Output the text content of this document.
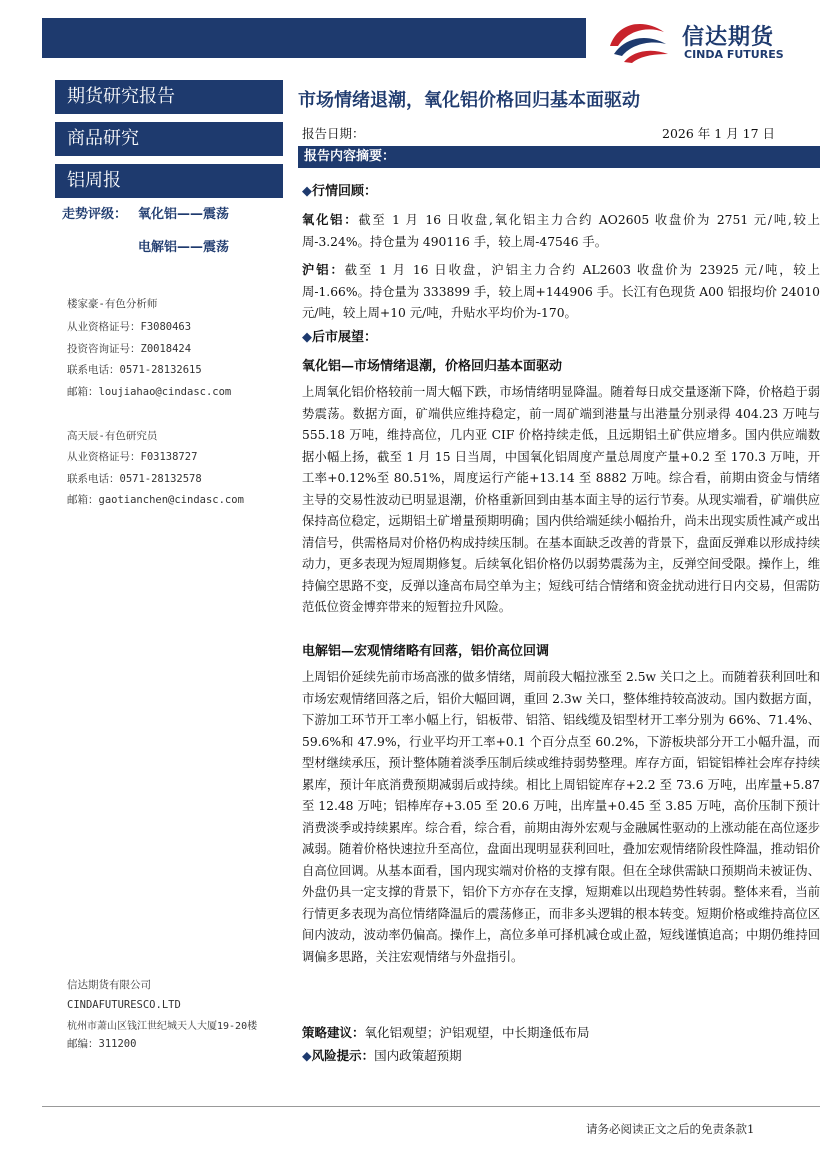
信达期货
CINDA FUTURES
期货研究报告
商品研究
铝周报
走势评级： 氧化铝——震荡
电解铝——震荡
楼家豪-有色分析师
从业资格证号：F3080463
投资咨询证号：Z0018424
联系电话：0571-28132615
邮箱：loujiahao@cindasc.com
高天辰-有色研究员
从业资格证号：F03138727
联系电话：0571-28132578
邮箱：gaotianchen@cindasc.com
信达期货有限公司
CINDAFUTURESCO.LTD
杭州市萧山区钱江世纪城天人大厦19-20楼
邮编：311200
市场情绪退潮，氧化铝价格回归基本面驱动
报告日期：	2026 年 1 月 17 日
报告内容摘要：
◆行情回顾：
氧化铝：截至 1 月 16 日收盘,氧化铝主力合约 AO2605 收盘价为 2751 元/吨,较上周-3.24%。持仓量为 490116 手，较上周-47546 手。
沪铝：截至 1 月 16 日收盘，沪铝主力合约 AL2603 收盘价为 23925 元/吨，较上周-1.66%。持仓量为 333899 手，较上周+144906 手。长江有色现货 A00 铝报均价 24010 元/吨，较上周+10 元/吨，升贴水平均价为-170。
◆后市展望：
氧化铝—市场情绪退潮，价格回归基本面驱动
上周氧化铝价格较前一周大幅下跌，市场情绪明显降温。随着每日成交量逐渐下降，价格趋于弱势震荡。数据方面，矿端供应维持稳定，前一周矿端到港量与出港量分别录得 404.23 万吨与 555.18 万吨，维持高位，几内亚 CIF 价格持续走低，且远期铝土矿供应增多。国内供应端数据小幅上扬，截至 1 月 15 日当周，中国氧化铝周度产量总周度产量+0.2 至 170.3 万吨，开工率+0.12%至 80.51%，周度运行产能+13.14 至 8882 万吨。综合看，前期由资金与情绪主导的交易性波动已明显退潮，价格重新回到由基本面主导的运行节奏。从现实端看，矿端供应保持高位稳定，远期铝土矿增量预期明确；国内供给端延续小幅抬升，尚未出现实质性减产或出清信号，供需格局对价格仍构成持续压制。在基本面缺乏改善的背景下，盘面反弹难以形成持续动力，更多表现为短周期修复。后续氧化铝价格仍以弱势震荡为主，反弹空间受限。操作上，维持偏空思路不变，反弹以逢高布局空单为主；短线可结合情绪和资金扰动进行日内交易，但需防范低位资金博弈带来的短暂拉升风险。
电解铝—宏观情绪略有回落，铝价高位回调
上周铝价延续先前市场高涨的做多情绪，周前段大幅拉涨至 2.5w 关口之上。而随着获利回吐和市场宏观情绪回落之后，铝价大幅回调，重回 2.3w 关口，整体维持较高波动。国内数据方面，下游加工环节开工率小幅上行，铝板带、铝箔、铝线缆及铝型材开工率分别为 66%、71.4%、59.6%和 47.9%，行业平均开工率+0.1 个百分点至 60.2%，下游板块部分开工小幅升温，而型材继续承压，预计整体随着淡季压制后续或维持弱势整理。库存方面，铝锭铝棒社会库存持续累库，预计年底消费预期减弱后或持续。相比上周铝锭库存+2.2 至 73.6 万吨，出库量+5.87 至 12.48 万吨；铝棒库存+3.05 至 20.6 万吨，出库量+0.45 至 3.85 万吨，高价压制下预计消费淡季或持续累库。综合看，综合看，前期由海外宏观与金融属性驱动的上涨动能在高位逐步减弱。随着价格快速拉升至高位，盘面出现明显获利回吐，叠加宏观情绪阶段性降温，推动铝价自高位回调。从基本面看，国内现实端对价格的支撑有限。但在全球供需缺口预期尚未被证伪、外盘仍具一定支撑的背景下，铝价下方亦存在支撑，短期难以出现趋势性转弱。整体来看，当前行情更多表现为高位情绪降温后的震荡修正，而非多头逻辑的根本转变。短期价格或维持高位区间内波动，波动率仍偏高。操作上，高位多单可择机减仓或止盈，短线谨慎追高；中期仍维持回调偏多思路，关注宏观情绪与外盘指引。
策略建议：氧化铝观望；沪铝观望，中长期逢低布局
◆风险提示：国内政策超预期
请务必阅读正文之后的免责条款1
